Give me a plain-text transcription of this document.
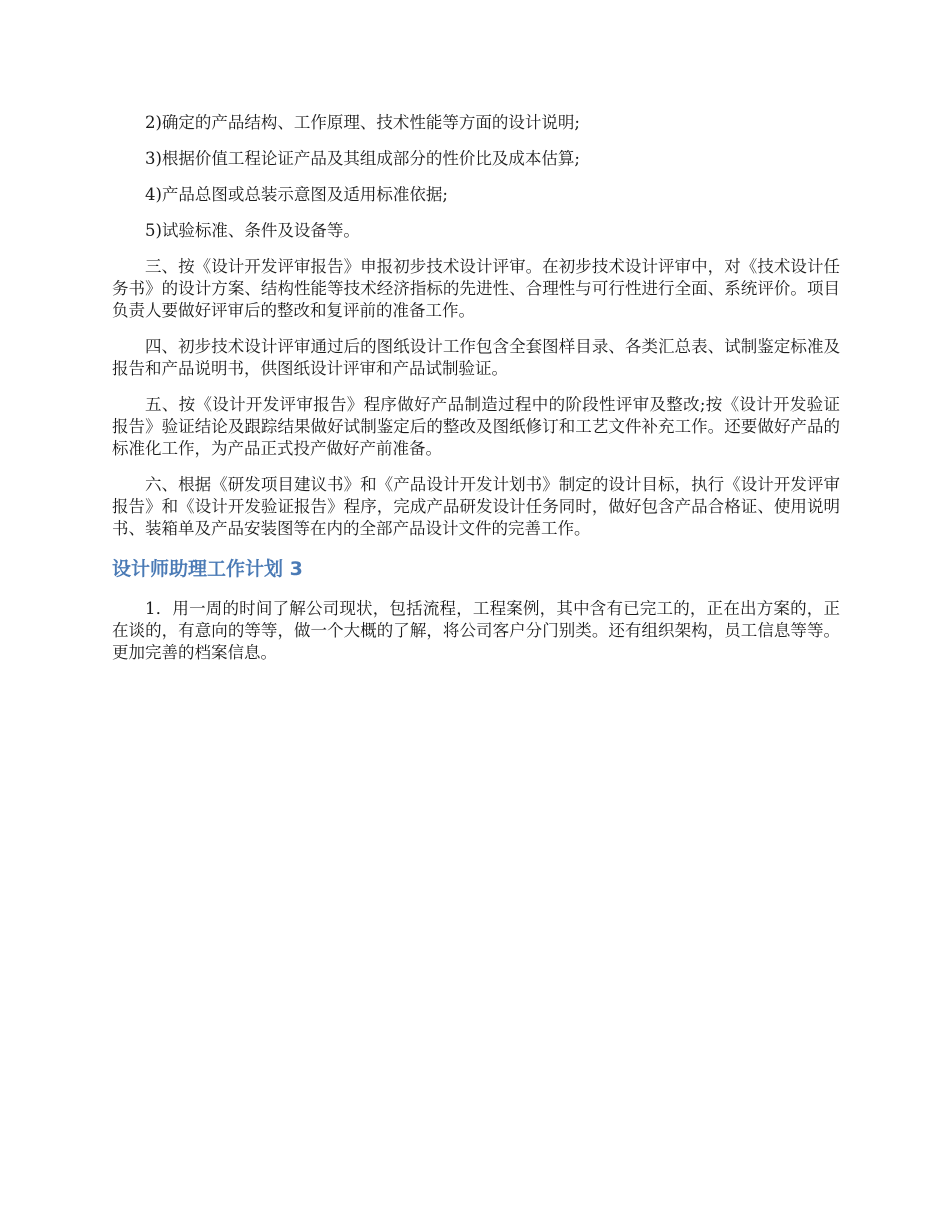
2)确定的产品结构、工作原理、技术性能等方面的设计说明;

3)根据价值工程论证产品及其组成部分的性价比及成本估算;

4)产品总图或总装示意图及适用标准依据;

5)试验标准、条件及设备等。

三、按《设计开发评审报告》申报初步技术设计评审。在初步技术设计评审中，对《技术设计任务书》的设计方案、结构性能等技术经济指标的先进性、合理性与可行性进行全面、系统评价。项目负责人要做好评审后的整改和复评前的准备工作。

四、初步技术设计评审通过后的图纸设计工作包含全套图样目录、各类汇总表、试制鉴定标准及报告和产品说明书，供图纸设计评审和产品试制验证。

五、按《设计开发评审报告》程序做好产品制造过程中的阶段性评审及整改;按《设计开发验证报告》验证结论及跟踪结果做好试制鉴定后的整改及图纸修订和工艺文件补充工作。还要做好产品的标准化工作，为产品正式投产做好产前准备。

六、根据《研发项目建议书》和《产品设计开发计划书》制定的设计目标，执行《设计开发评审报告》和《设计开发验证报告》程序，完成产品研发设计任务同时，做好包含产品合格证、使用说明书、装箱单及产品安装图等在内的全部产品设计文件的完善工作。

设计师助理工作计划 3

1．用一周的时间了解公司现状，包括流程，工程案例，其中含有已完工的，正在出方案的，正在谈的，有意向的等等，做一个大概的了解，将公司客户分门别类。还有组织架构，员工信息等等。更加完善的档案信息。
